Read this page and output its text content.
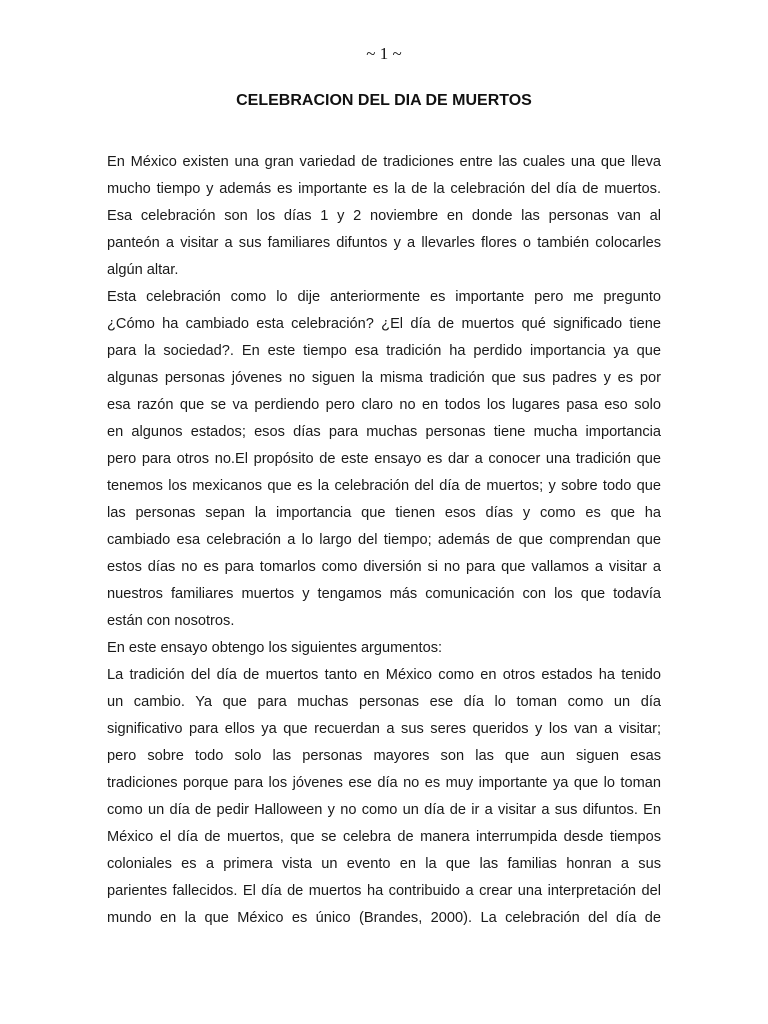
~ 1 ~
CELEBRACION DEL DIA DE MUERTOS
En México existen una gran variedad de tradiciones entre las cuales una que lleva
mucho tiempo y además es importante es la de la celebración del día de muertos.
Esa celebración son los días 1 y 2 noviembre en donde las personas van al
panteón a visitar a sus familiares difuntos y a llevarles flores o también colocarles
algún altar.
Esta celebración como lo dije anteriormente es importante pero me pregunto
¿Cómo ha cambiado esta celebración? ¿El día de muertos qué significado tiene
para la sociedad?. En este tiempo esa tradición ha perdido importancia ya que
algunas personas jóvenes no siguen la misma tradición que sus padres y es por
esa razón que se va perdiendo pero claro no en todos los lugares pasa eso solo
en algunos estados; esos días para muchas personas tiene mucha importancia
pero para otros no.El propósito de este ensayo es dar a conocer una tradición que
tenemos los mexicanos que es la celebración del día de muertos; y sobre todo que
las personas sepan la importancia que tienen esos días y como es que ha
cambiado esa celebración a lo largo del tiempo; además de que comprendan que
estos días no es para tomarlos como diversión si no para que vallamos a visitar a
nuestros familiares muertos y tengamos más comunicación con los que todavía
están con nosotros.
En este ensayo obtengo los siguientes argumentos:
La tradición del día de muertos tanto en México como en otros estados ha tenido
un cambio. Ya que para muchas personas ese día lo toman como un día
significativo para ellos ya que recuerdan a sus seres queridos y los van a visitar;
pero sobre todo solo las personas mayores son las que aun siguen esas
tradiciones porque para los jóvenes ese día no es muy importante ya que lo toman
como un día de pedir Halloween y no como un día de ir a visitar a sus difuntos. En
México el día de muertos, que se celebra de manera interrumpida desde tiempos
coloniales es a primera vista un evento en la que las familias honran a sus
parientes fallecidos. El día de muertos ha contribuido a crear una interpretación del
mundo en la que México es único (Brandes, 2000). La celebración del día de
